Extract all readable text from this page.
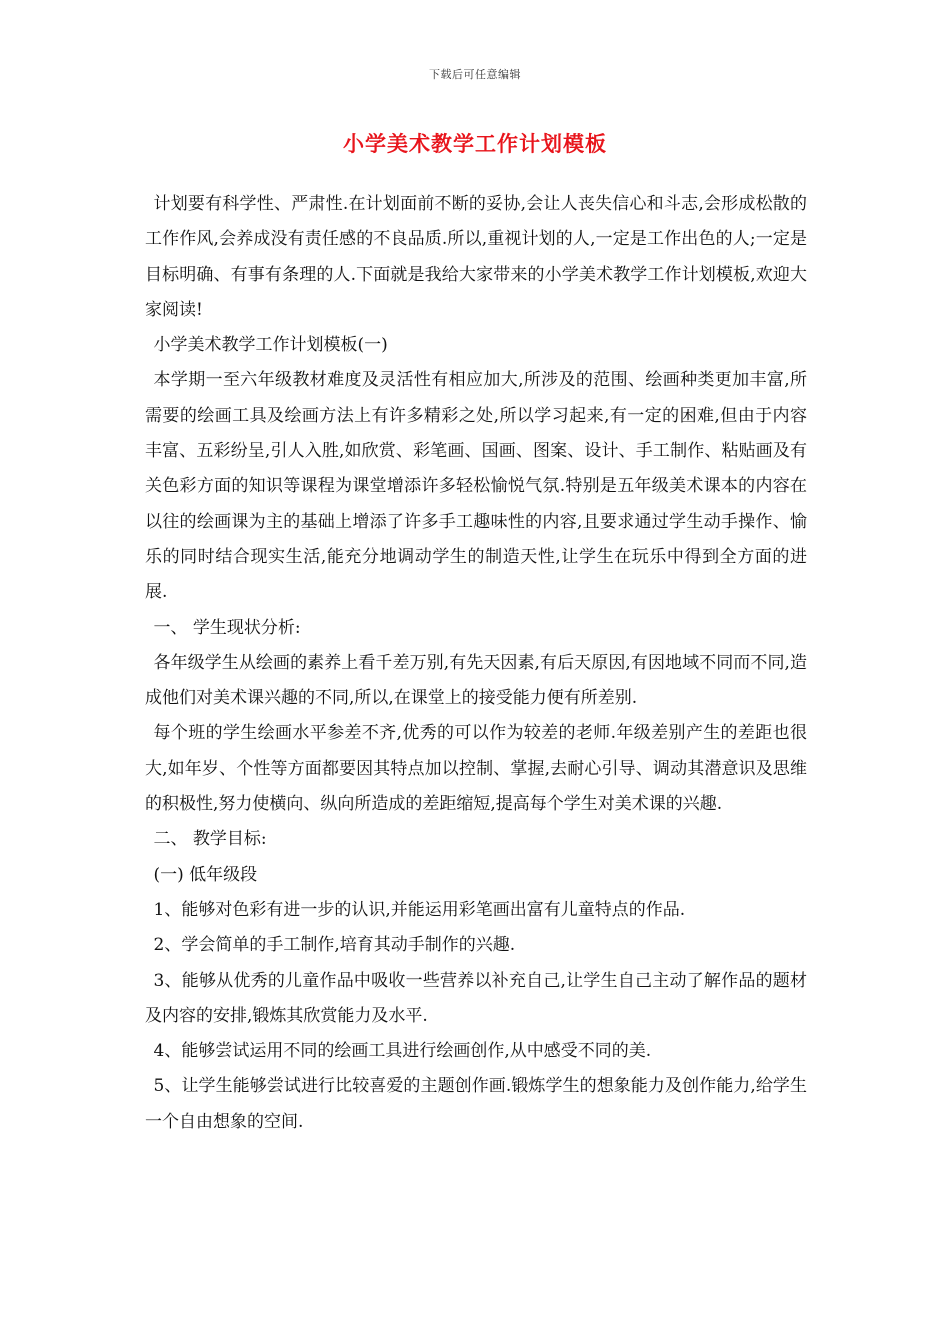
下载后可任意编辑
小学美术教学工作计划模板

计划要有科学性、严肃性.在计划面前不断的妥协,会让人丧失信心和斗志,会形成松散的工作作风,会养成没有责任感的不良品质.所以,重视计划的人,一定是工作出色的人;一定是目标明确、有事有条理的人.下面就是我给大家带来的小学美术教学工作计划模板,欢迎大家阅读!

小学美术教学工作计划模板(一)

本学期一至六年级教材难度及灵活性有相应加大,所涉及的范围、绘画种类更加丰富,所需要的绘画工具及绘画方法上有许多精彩之处,所以学习起来,有一定的困难,但由于内容丰富、五彩纷呈,引人入胜,如欣赏、彩笔画、国画、图案、设计、手工制作、粘贴画及有关色彩方面的知识等课程为课堂增添许多轻松愉悦气氛.特别是五年级美术课本的内容在以往的绘画课为主的基础上增添了许多手工趣味性的内容,且要求通过学生动手操作、愉乐的同时结合现实生活,能充分地调动学生的制造天性,让学生在玩乐中得到全方面的进展.

一、 学生现状分析:

各年级学生从绘画的素养上看千差万别,有先天因素,有后天原因,有因地域不同而不同,造成他们对美术课兴趣的不同,所以,在课堂上的接受能力便有所差别.

每个班的学生绘画水平参差不齐,优秀的可以作为较差的老师.年级差别产生的差距也很大,如年岁、个性等方面都要因其特点加以控制、掌握,去耐心引导、调动其潜意识及思维的积极性,努力使横向、纵向所造成的差距缩短,提高每个学生对美术课的兴趣.

二、 教学目标:

(一) 低年级段

1、能够对色彩有进一步的认识,并能运用彩笔画出富有儿童特点的作品.

2、学会简单的手工制作,培育其动手制作的兴趣.

3、能够从优秀的儿童作品中吸收一些营养以补充自己,让学生自己主动了解作品的题材及内容的安排,锻炼其欣赏能力及水平.

4、能够尝试运用不同的绘画工具进行绘画创作,从中感受不同的美.

5、让学生能够尝试进行比较喜爱的主题创作画.锻炼学生的想象能力及创作能力,给学生一个自由想象的空间.
